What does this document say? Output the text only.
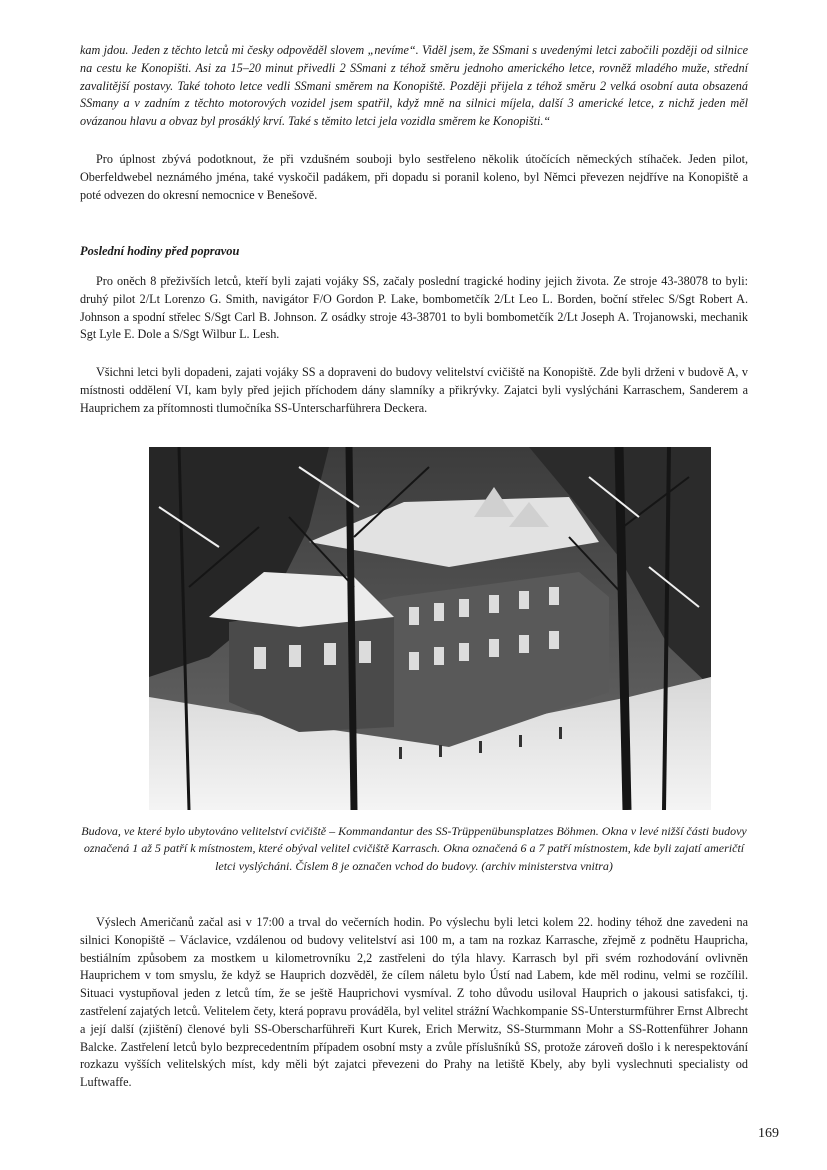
kam jdou. Jeden z těchto letců mi česky odpověděl slovem „nevíme“. Viděl jsem, že SSmani s uvedenými letci zabočili později od silnice na cestu ke Konopišti. Asi za 15–20 minut přivedli 2 SSmani z téhož směru jednoho amerického letce, rovněž mladého muže, střední zavalitější postavy. Také tohoto letce vedli SSmani směrem na Konopiště. Později přijela z téhož směru 2 velká osobní auta obsazená SSmany a v zadním z těchto motorových vozidel jsem spatřil, když mně na silnici míjela, další 3 americké letce, z nichž jeden měl ovázanou hlavu a obvaz byl prosáklý krví. Také s těmito letci jela vozidla směrem ke Konopišti.“

Pro úplnost zbývá podotknout, že při vzdušném souboji bylo sestřeleno několik útočících německých stíhaček. Jeden pilot, Oberfeldwebel neznámého jména, také vyskočil padákem, při dopadu si poranil koleno, byl Němci převezen nejdříve na Konopiště a poté odvezen do okresní nemocnice v Benešově.

Poslední hodiny před popravou

Pro oněch 8 přeživších letců, kteří byli zajati vojáky SS, začaly poslední tragické hodiny jejich života. Ze stroje 43-38078 to byli: druhý pilot 2/Lt Lorenzo G. Smith, navigátor F/O Gordon P. Lake, bombometčík 2/Lt Leo L. Borden, boční střelec S/Sgt Robert A. Johnson a spodní střelec S/Sgt Carl B. Johnson. Z osádky stroje 43-38701 to byli bombometčík 2/Lt Joseph A. Trojanowski, mechanik Sgt Lyle E. Dole a S/Sgt Wilbur L. Lesh.

Všichni letci byli dopadeni, zajati vojáky SS a dopraveni do budovy velitelství cvičiště na Konopiště. Zde byli drženi v budově A, v místnosti oddělení VI, kam byly před jejich příchodem dány slamníky a přikrývky. Zajatci byli vyslýcháni Karraschem, Sanderem a Hauprichem za přítomnosti tlumočníka SS-Unterscharführera Deckera.

Budova, ve které bylo ubytováno velitelství cvičiště – Kommandantur des SS-Trüppenübunsplatzes Böhmen. Okna v levé nižší části budovy označená 1 až 5 patří k místnostem, které obýval velitel cvičiště Karrasch. Okna označená 6 a 7 patří místnostem, kde byli zajatí američtí letci vyslýcháni. Číslem 8 je označen vchod do budovy. (archiv ministerstva vnitra)

Výslech Američanů začal asi v 17:00 a trval do večerních hodin. Po výslechu byli letci kolem 22. hodiny téhož dne zavedeni na silnici Konopiště – Václavice, vzdálenou od budovy velitelství asi 100 m, a tam na rozkaz Karrasche, zřejmě z podnětu Haupricha, bestiálním způsobem za mostkem u kilometrovníku 2,2 zastřeleni do týla hlavy. Karrasch byl při svém rozhodování ovlivněn Hauprichem v tom smyslu, že když se Hauprich dozvěděl, že cílem náletu bylo Ústí nad Labem, kde měl rodinu, velmi se rozčílil. Situaci vystupňoval jeden z letců tím, že se ještě Hauprichovi vysmíval. Z toho důvodu usiloval Hauprich o jakousi satisfakci, tj. zastřelení zajatých letců. Velitelem čety, která popravu prováděla, byl velitel strážní Wachkompanie SS-Untersturmführer Ernst Albrecht a její další (zjištění) členové byli SS-Oberscharführeři Kurt Kurek, Erich Merwitz, SS-Sturmmann Mohr a SS-Rottenführer Johann Balcke. Zastřelení letců bylo bezprecedentním případem osobní msty a zvůle příslušníků SS, protože zároveň došlo i k nerespektování rozkazu vyšších velitelských míst, kdy měli být zajatci převezeni do Prahy na letiště Kbely, aby byli vyslechnuti specialisty od Luftwaffe.

169
